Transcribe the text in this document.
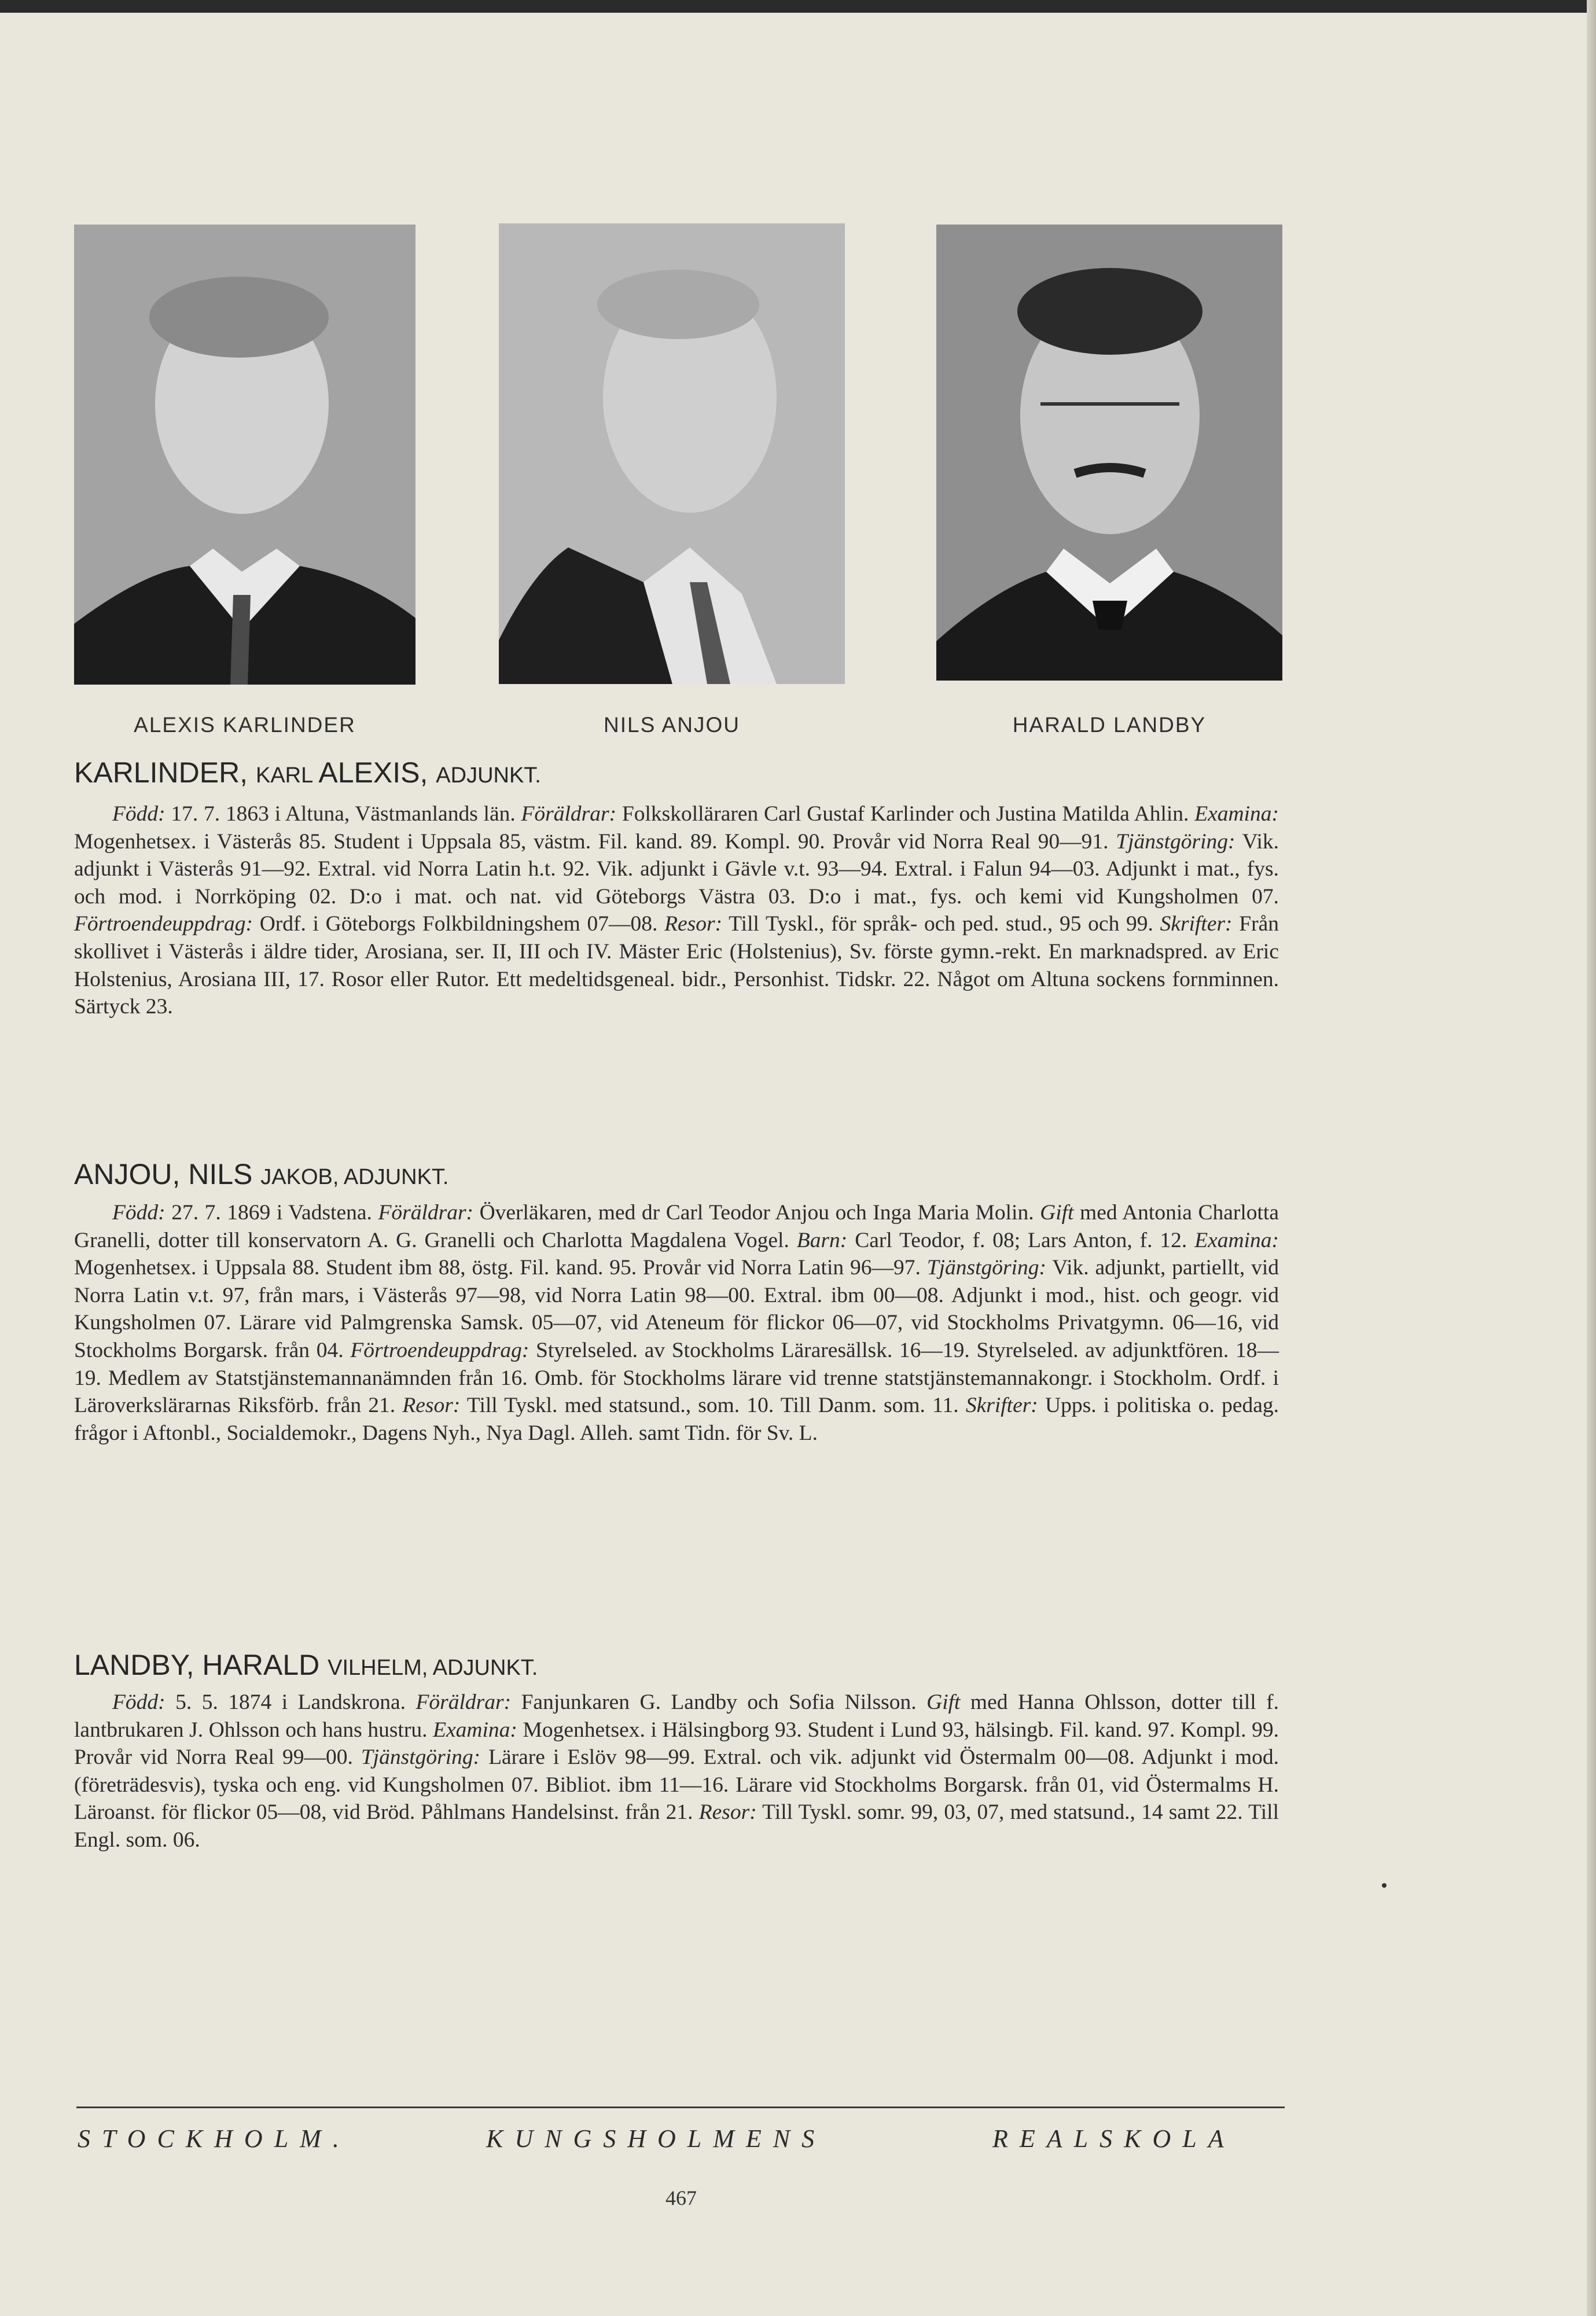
ALEXIS KARLINDER	NILS ANJOU	HARALD LANDBY
KARLINDER, KARL ALEXIS, ADJUNKT.
Född: 17. 7. 1863 i Altuna, Västmanlands län. Föräldrar: Folkskolläraren Carl Gustaf Karlinder och Justina Matilda Ahlin. Examina: Mogenhetsex. i Västerås 85. Student i Uppsala 85, västm. Fil. kand. 89. Kompl. 90. Provår vid Norra Real 90—91. Tjänstgöring: Vik. adjunkt i Västerås 91—92. Extral. vid Norra Latin h.t. 92. Vik. adjunkt i Gävle v.t. 93—94. Extral. i Falun 94—03. Adjunkt i mat., fys. och mod. i Norrköping 02. D:o i mat. och nat. vid Göteborgs Västra 03. D:o i mat., fys. och kemi vid Kungsholmen 07. Förtroendeuppdrag: Ordf. i Göteborgs Folkbildningshem 07—08. Resor: Till Tyskl., för språk- och ped. stud., 95 och 99. Skrifter: Från skollivet i Västerås i äldre tider, Arosiana, ser. II, III och IV. Mäster Eric (Holstenius), Sv. förste gymn.-rekt. En marknadspred. av Eric Holstenius, Arosiana III, 17. Rosor eller Rutor. Ett medeltidsgeneal. bidr., Personhist. Tidskr. 22. Något om Altuna sockens fornminnen. Särtyck 23.
ANJOU, NILS JAKOB, ADJUNKT.
Född: 27. 7. 1869 i Vadstena. Föräldrar: Överläkaren, med dr Carl Teodor Anjou och Inga Maria Molin. Gift med Antonia Charlotta Granelli, dotter till konservatorn A. G. Granelli och Charlotta Magdalena Vogel. Barn: Carl Teodor, f. 08; Lars Anton, f. 12. Examina: Mogenhetsex. i Uppsala 88. Student ibm 88, östg. Fil. kand. 95. Provår vid Norra Latin 96—97. Tjänstgöring: Vik. adjunkt, partiellt, vid Norra Latin v.t. 97, från mars, i Västerås 97—98, vid Norra Latin 98—00. Extral. ibm 00—08. Adjunkt i mod., hist. och geogr. vid Kungsholmen 07. Lärare vid Palmgrenska Samsk. 05—07, vid Ateneum för flickor 06—07, vid Stockholms Privatgymn. 06—16, vid Stockholms Borgarsk. från 04. Förtroendeuppdrag: Styrelseled. av Stockholms Läraresällsk. 16—19. Styrelseled. av adjunktfören. 18—19. Medlem av Statstjänstemannanämnden från 16. Omb. för Stockholms lärare vid trenne statstjänstemannakongr. i Stockholm. Ordf. i Läroverkslärarnas Riksförb. från 21. Resor: Till Tyskl. med statsund., som. 10. Till Danm. som. 11. Skrifter: Upps. i politiska o. pedag. frågor i Aftonbl., Socialdemokr., Dagens Nyh., Nya Dagl. Alleh. samt Tidn. för Sv. L.
LANDBY, HARALD VILHELM, ADJUNKT.
Född: 5. 5. 1874 i Landskrona. Föräldrar: Fanjunkaren G. Landby och Sofia Nilsson. Gift med Hanna Ohlsson, dotter till f. lantbrukaren J. Ohlsson och hans hustru. Examina: Mogenhetsex. i Hälsingborg 93. Student i Lund 93, hälsingb. Fil. kand. 97. Kompl. 99. Provår vid Norra Real 99—00. Tjänstgöring: Lärare i Eslöv 98—99. Extral. och vik. adjunkt vid Östermalm 00—08. Adjunkt i mod. (företrädesvis), tyska och eng. vid Kungsholmen 07. Bibliot. ibm 11—16. Lärare vid Stockholms Borgarsk. från 01, vid Östermalms H. Läroanst. för flickor 05—08, vid Bröd. Påhlmans Handelsinst. från 21. Resor: Till Tyskl. somr. 99, 03, 07, med statsund., 14 samt 22. Till Engl. som. 06.
STOCKHOLM.	KUNGSHOLMENS	REALSKOLA
467
